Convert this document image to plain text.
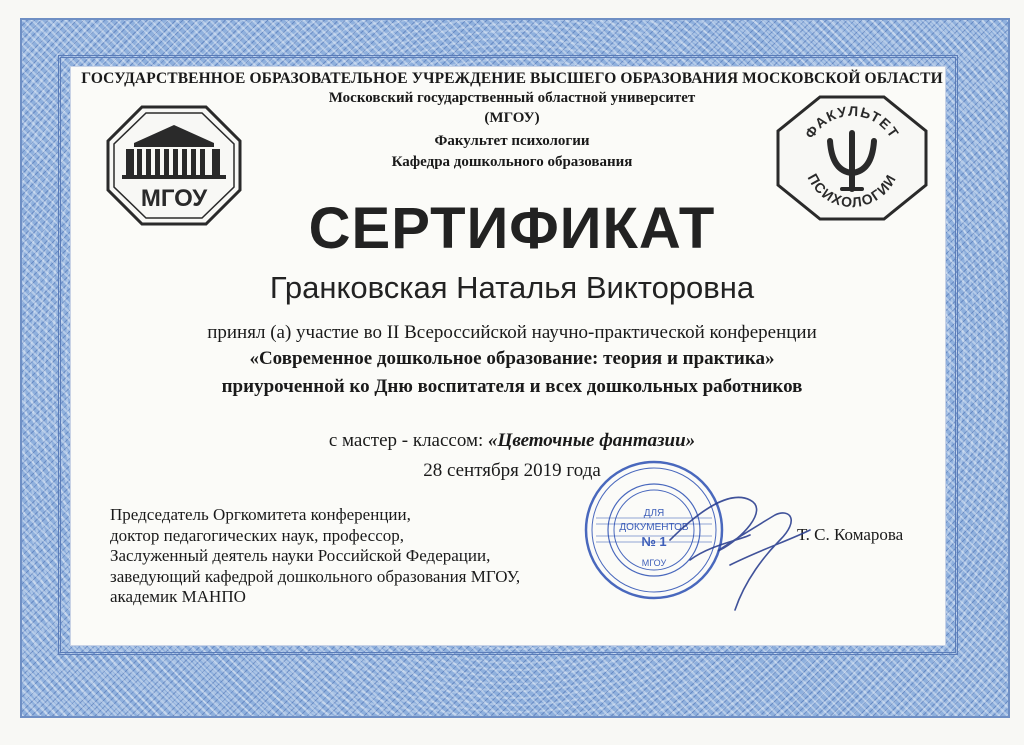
ГОСУДАРСТВЕННОЕ ОБРАЗОВАТЕЛЬНОЕ УЧРЕЖДЕНИЕ ВЫСШЕГО ОБРАЗОВАНИЯ МОСКОВСКОЙ ОБЛАСТИ
Московский государственный областной университет
(МГОУ)
Факультет психологии
Кафедра дошкольного образования
МГОУ
ФАКУЛЬТЕТ
ПСИХОЛОГИИ
СЕРТИФИКАТ
Гранковская Наталья Викторовна
принял (а) участие во II Всероссийской научно-практической конференции
«Современное дошкольное образование: теория и практика»
приуроченной ко Дню воспитателя и всех дошкольных работников
с мастер - классом: «Цветочные фантазии»
28 сентября 2019 года
Председатель Оргкомитета конференции,
доктор педагогических наук, профессор,
Заслуженный деятель науки Российской Федерации,
заведующий кафедрой дошкольного образования МГОУ,
академик МАНПО
Т. С. Комарова
ДЛЯ
ДОКУМЕНТОВ
№ 1
МГОУ
